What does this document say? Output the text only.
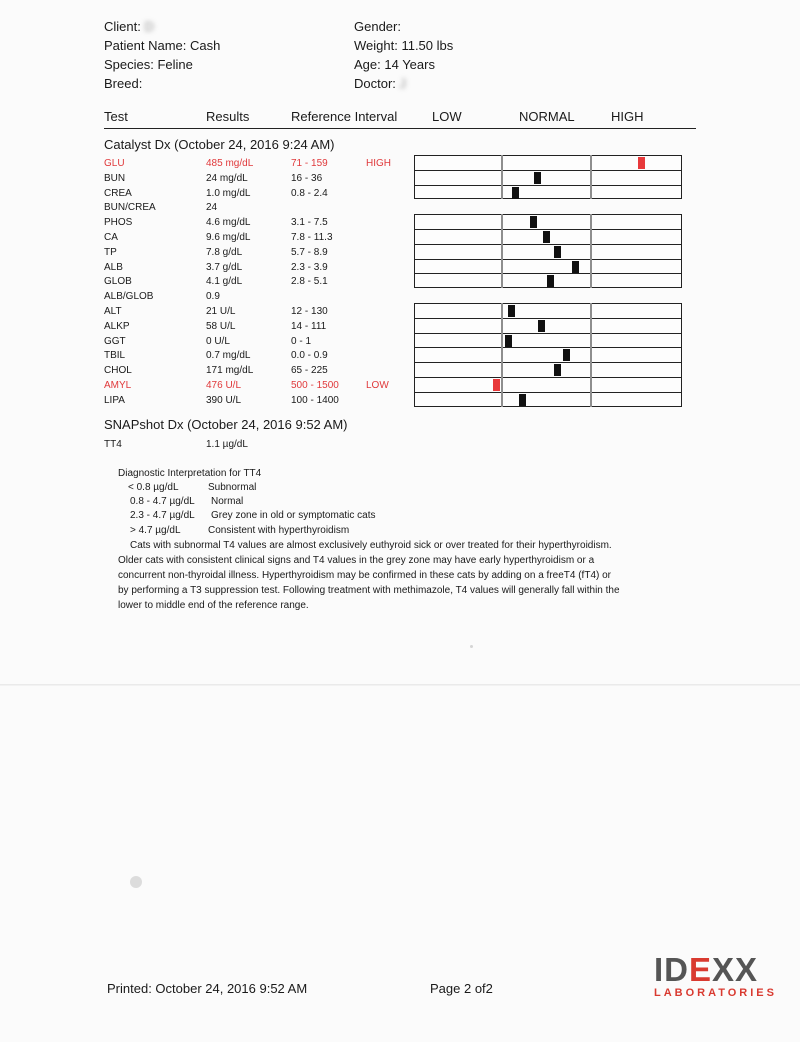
Client: D
Patient Name: Cash
Species: Feline
Breed:
Gender:
Weight: 11.50 lbs
Age: 14 Years
Doctor: J
Test	Results	Reference Interval	LOW	NORMAL	HIGH
Catalyst Dx (October 24, 2016 9:24 AM)
GLU	485 mg/dL	71 - 159	HIGH
BUN	24 mg/dL	16 - 36
CREA	1.0 mg/dL	0.8 - 2.4
BUN/CREA	24
PHOS	4.6 mg/dL	3.1 - 7.5
CA	9.6 mg/dL	7.8 - 11.3
TP	7.8 g/dL	5.7 - 8.9
ALB	3.7 g/dL	2.3 - 3.9
GLOB	4.1 g/dL	2.8 - 5.1
ALB/GLOB	0.9
ALT	21 U/L	12 - 130
ALKP	58 U/L	14 - 111
GGT	0 U/L	0 - 1
TBIL	0.7 mg/dL	0.0 - 0.9
CHOL	171 mg/dL	65 - 225
AMYL	476 U/L	500 - 1500	LOW
LIPA	390 U/L	100 - 1400
SNAPshot Dx (October 24, 2016 9:52 AM)
TT4	1.1 µg/dL
Diagnostic Interpretation for TT4
< 0.8 µg/dL	Subnormal
0.8 - 4.7 µg/dL Normal
2.3 - 4.7 µg/dL Grey zone in old or symptomatic cats
> 4.7 µg/dL	Consistent with hyperthyroidism
Cats with subnormal T4 values are almost exclusively euthyroid sick or over treated for their hyperthyroidism.
Older cats with consistent clinical signs and T4 values in the grey zone may have early hyperthyroidism or a
concurrent non-thyroidal illness. Hyperthyroidism may be confirmed in these cats by adding on a freeT4 (fT4) or
by performing a T3 suppression test. Following treatment with methimazole, T4 values will generally fall within the
lower to middle end of the reference range.
Printed: October 24, 2016 9:52 AM	Page 2 of2
IDEXX
LABORATORIES
